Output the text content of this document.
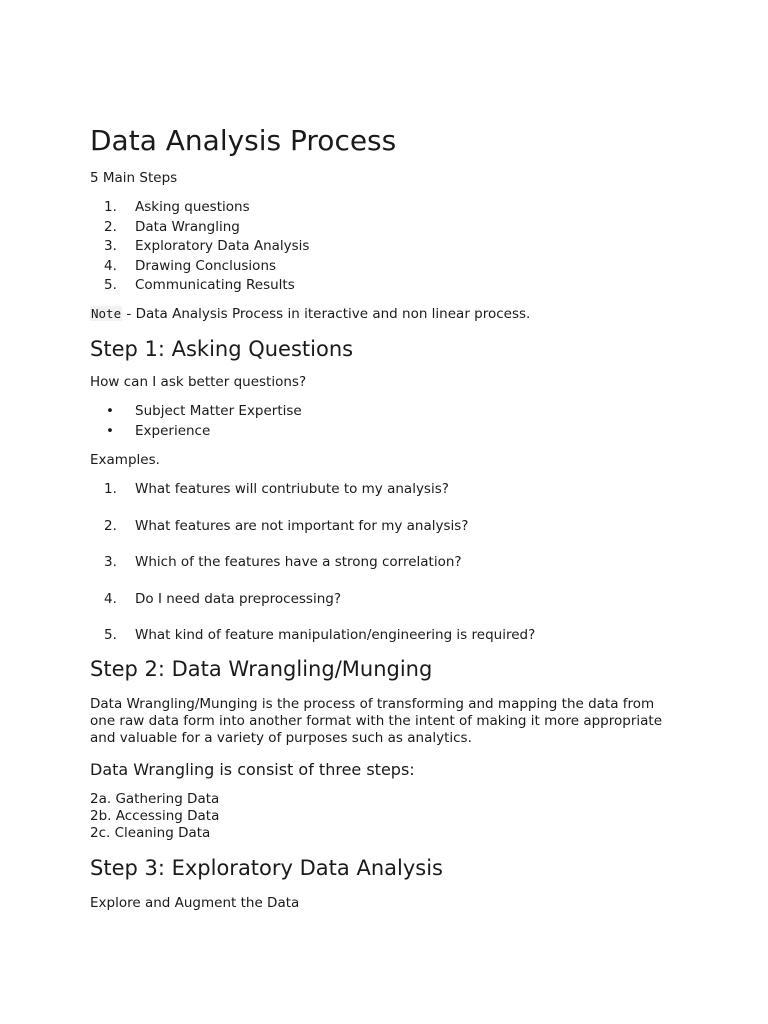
Data Analysis Process

5 Main Steps

1. Asking questions
2. Data Wrangling
3. Exploratory Data Analysis
4. Drawing Conclusions
5. Communicating Results

Note - Data Analysis Process in iteractive and non linear process.

Step 1: Asking Questions

How can I ask better questions?

• Subject Matter Expertise
• Experience

Examples.

1. What features will contriubute to my analysis?
2. What features are not important for my analysis?
3. Which of the features have a strong correlation?
4. Do I need data preprocessing?
5. What kind of feature manipulation/engineering is required?
Step 2: Data Wrangling/Munging

Data Wrangling/Munging is the process of transforming and mapping the data from one raw data form into another format with the intent of making it more appropriate and valuable for a variety of purposes such as analytics.

Data Wrangling is consist of three steps:

2a. Gathering Data
2b. Accessing Data
2c. Cleaning Data

Step 3: Exploratory Data Analysis

Explore and Augment the Data
